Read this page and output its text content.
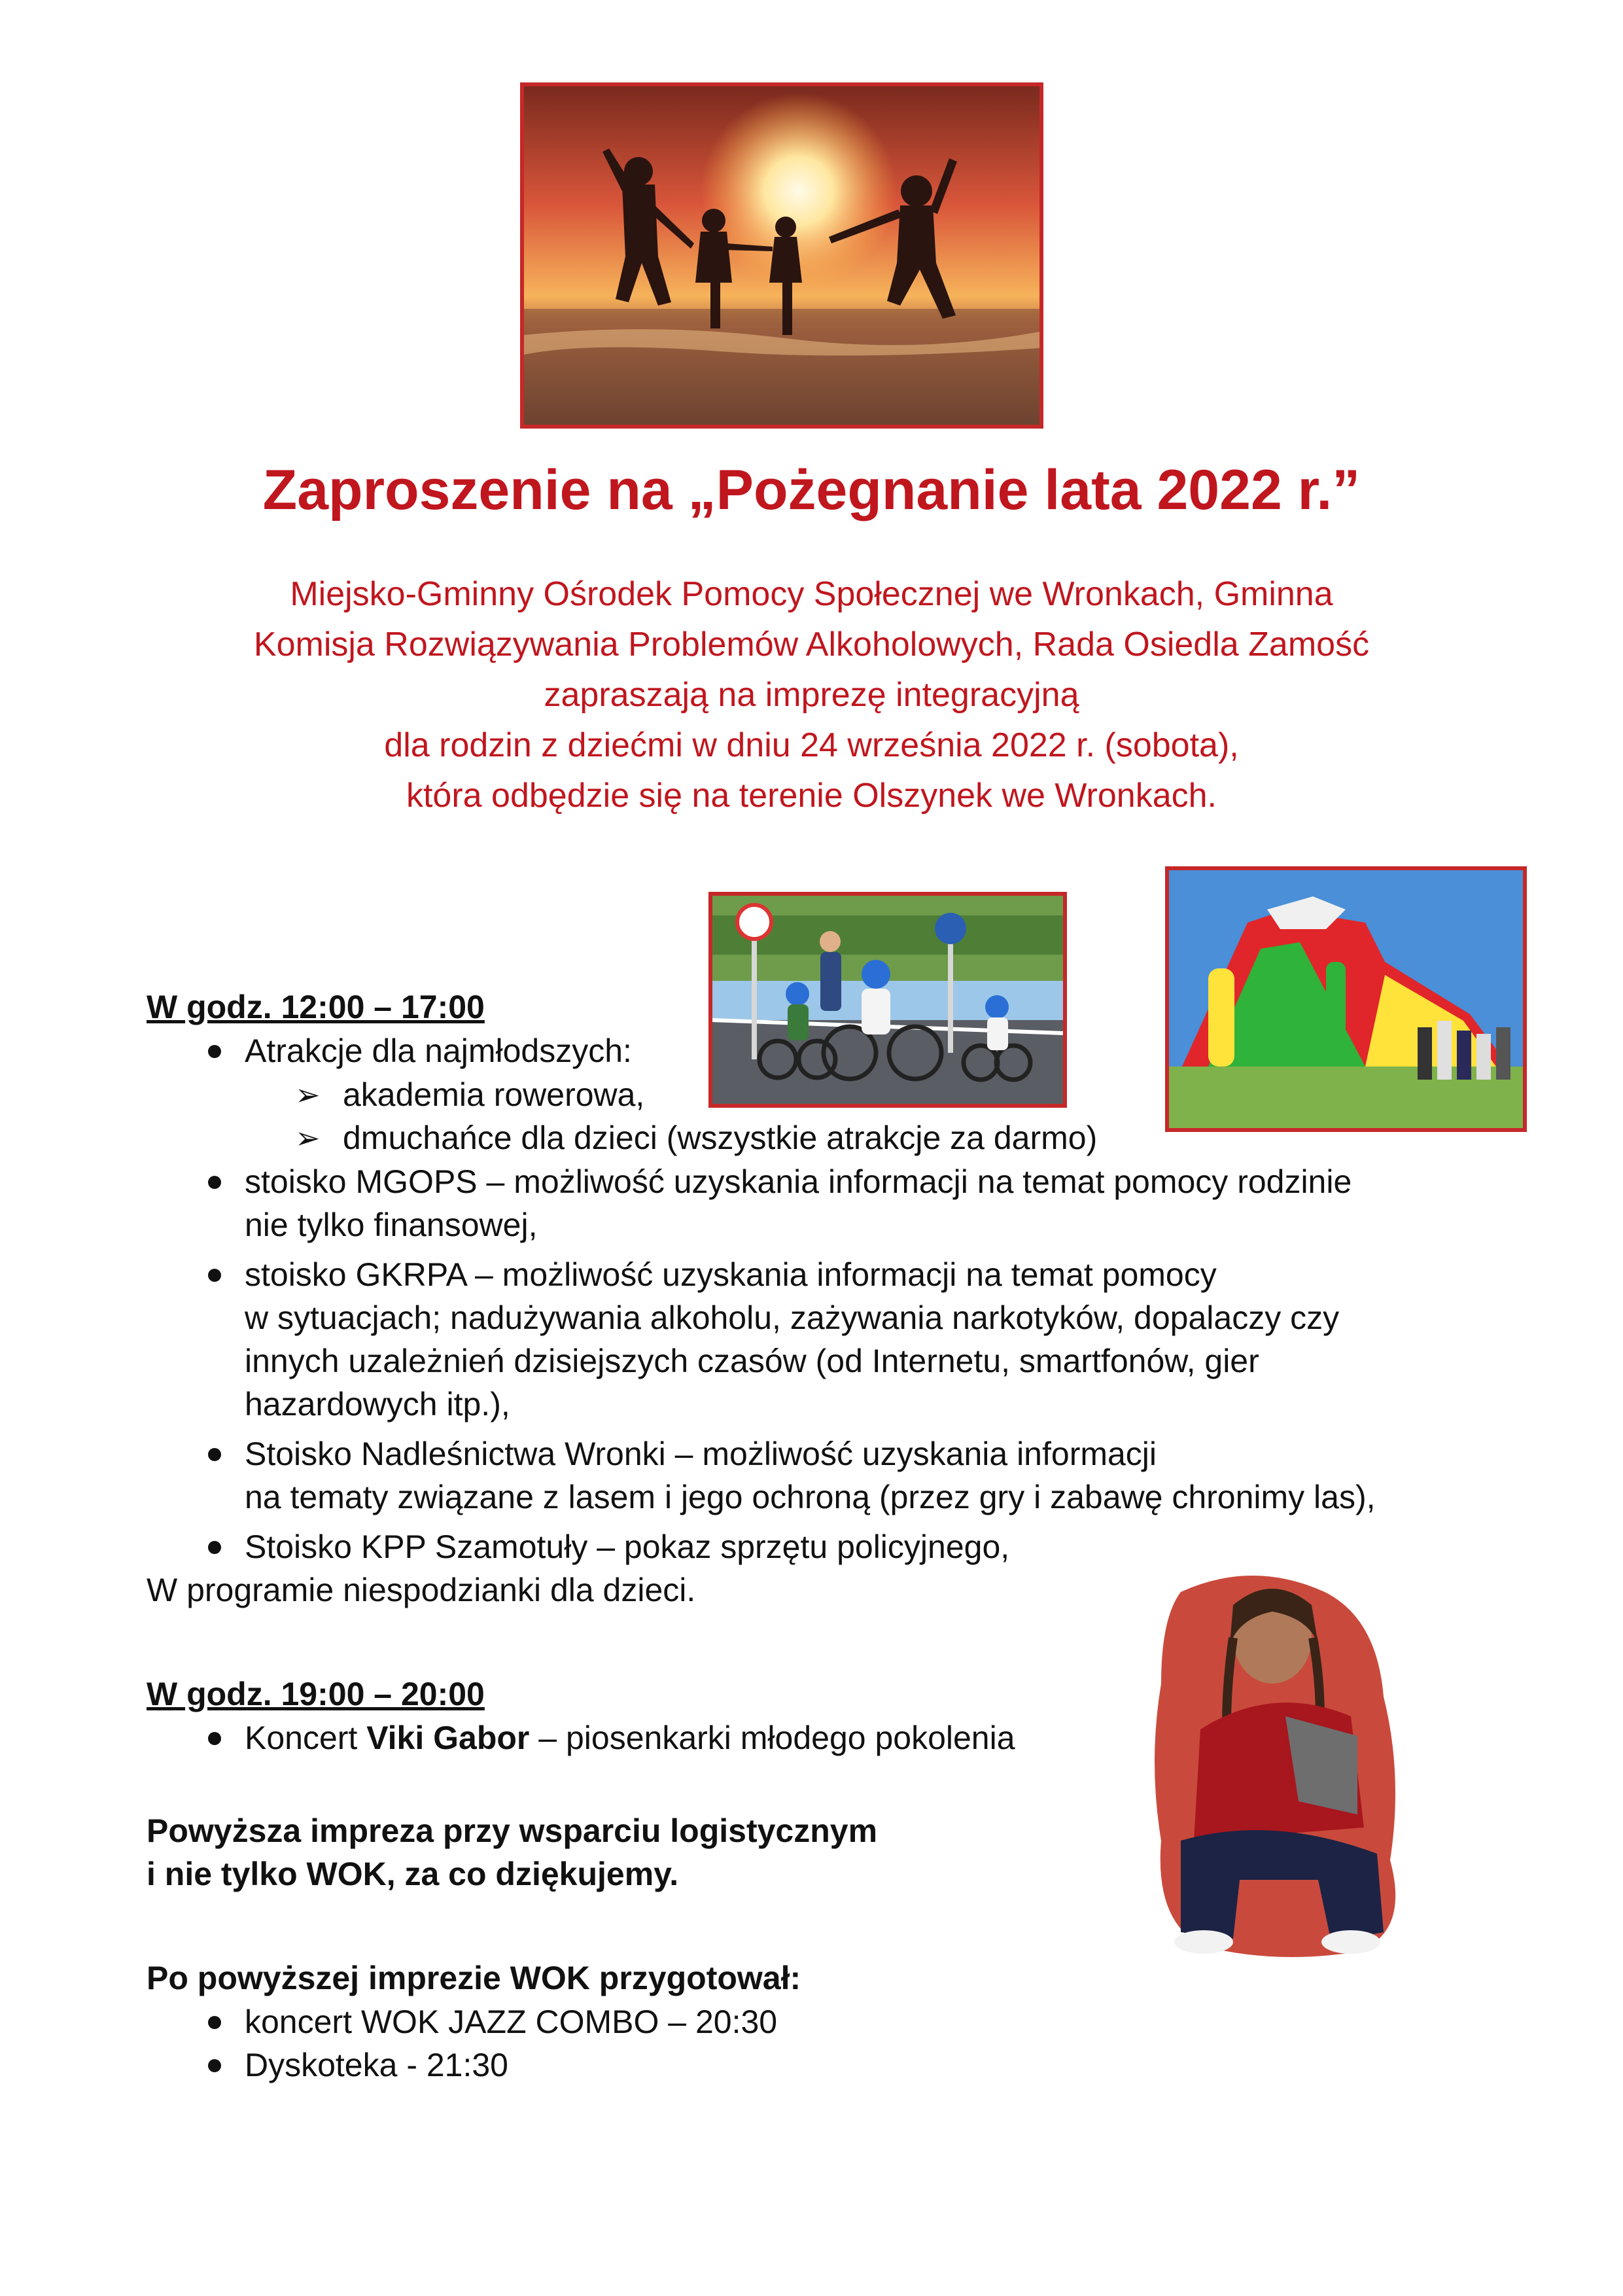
Zaproszenie na „Pożegnanie lata 2022 r.”
Miejsko-Gminny Ośrodek Pomocy Społecznej we Wronkach, Gminna
Komisja Rozwiązywania Problemów Alkoholowych, Rada Osiedla Zamość
zapraszają na imprezę integracyjną
dla rodzin z dziećmi w dniu 24 września 2022 r. (sobota),
która odbędzie się na terenie Olszynek we Wronkach.
W godz. 12:00 – 17:00
Atrakcje dla najmłodszych:
➢ akademia rowerowa,
➢ dmuchańce dla dzieci (wszystkie atrakcje za darmo)
stoisko MGOPS – możliwość uzyskania informacji na temat pomocy rodzinie
nie tylko finansowej,
stoisko GKRPA – możliwość uzyskania informacji na temat pomocy
w sytuacjach; nadużywania alkoholu, zażywania narkotyków, dopalaczy czy
innych uzależnień dzisiejszych czasów (od Internetu, smartfonów, gier
hazardowych itp.),
Stoisko Nadleśnictwa Wronki – możliwość uzyskania informacji
na tematy związane z lasem i jego ochroną (przez gry i zabawę chronimy las),
Stoisko KPP Szamotuły – pokaz sprzętu policyjnego,
W programie niespodzianki dla dzieci.
W godz. 19:00 – 20:00
Koncert Viki Gabor – piosenkarki młodego pokolenia
Powyższa impreza przy wsparciu logistycznym
i nie tylko WOK, za co dziękujemy.
Po powyższej imprezie WOK przygotował:
koncert WOK JAZZ COMBO – 20:30
Dyskoteka - 21:30
